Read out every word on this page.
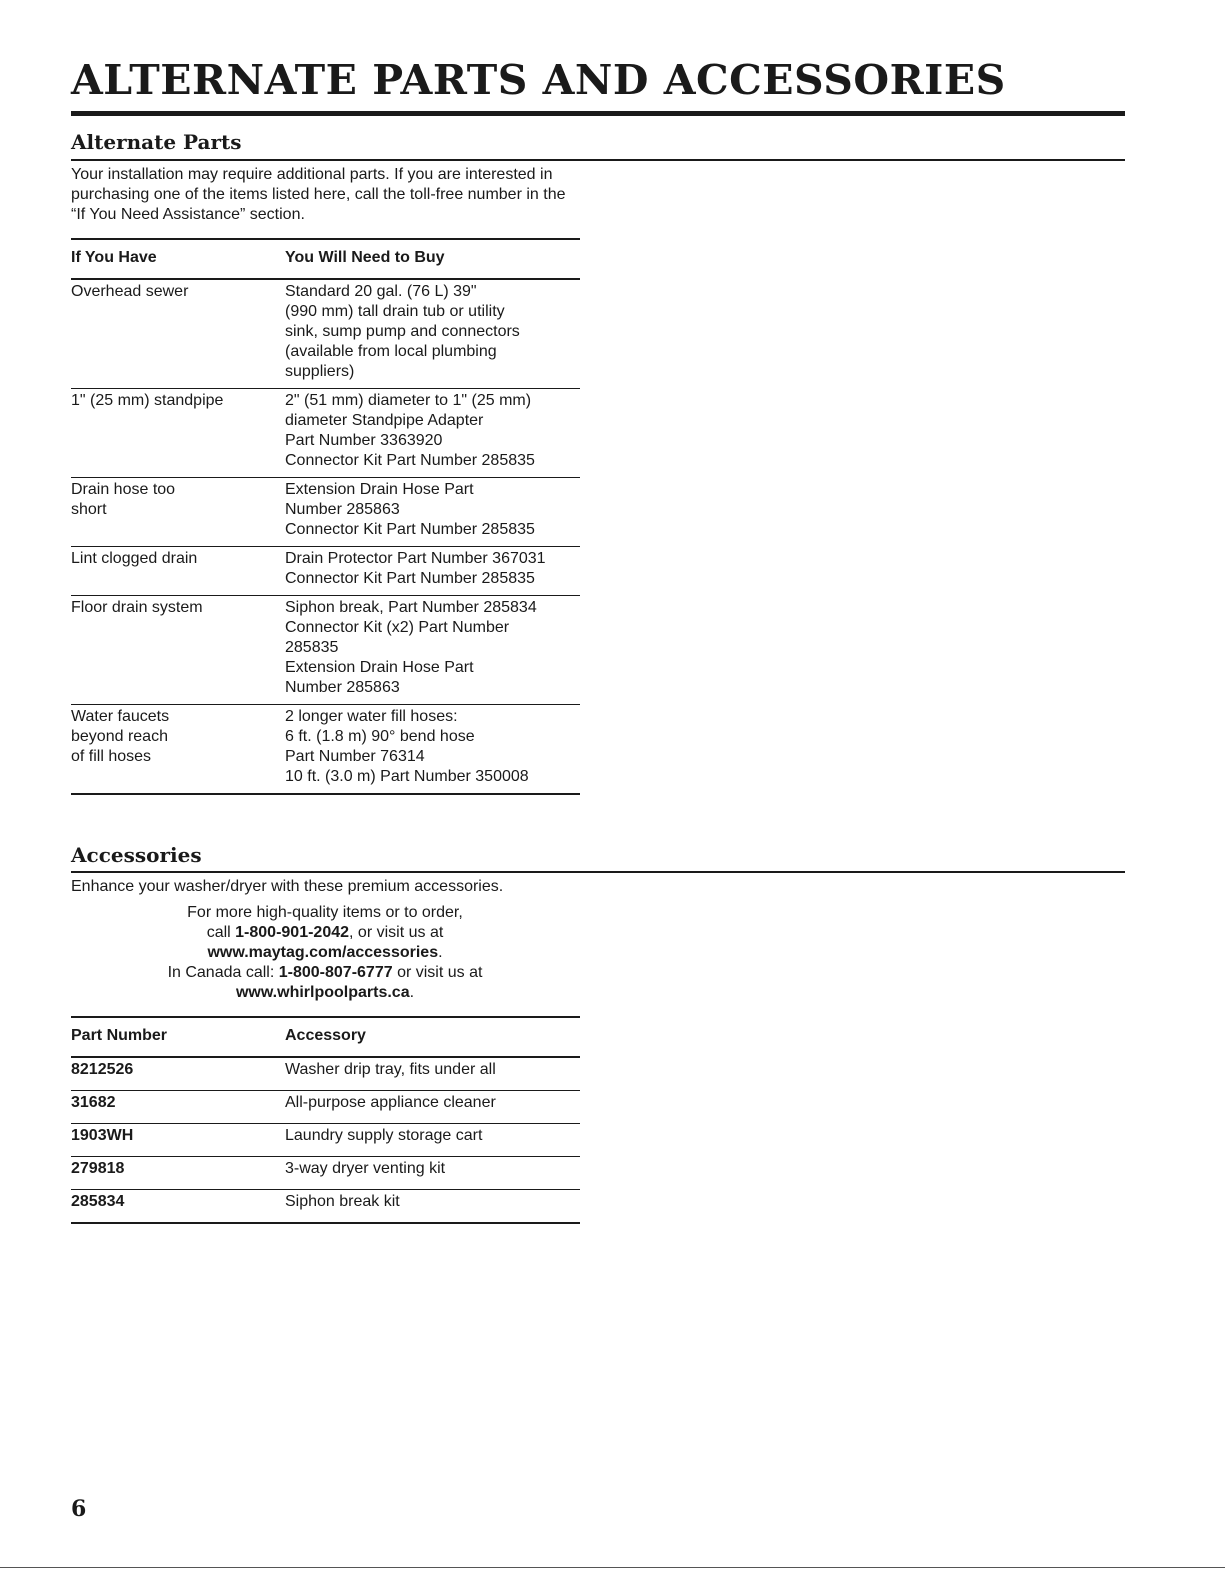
ALTERNATE PARTS AND ACCESSORIES
Alternate Parts

Your installation may require additional parts. If you are interested in purchasing one of the items listed here, call the toll-free number in the “If You Need Assistance” section.

If You Have	You Will Need to Buy
Overhead sewer	Standard 20 gal. (76 L) 39"
(990 mm) tall drain tub or utility
sink, sump pump and connectors
(available from local plumbing
suppliers)
1" (25 mm) standpipe	2" (51 mm) diameter to 1" (25 mm)
diameter Standpipe Adapter
Part Number 3363920
Connector Kit Part Number 285835
Drain hose too
short	Extension Drain Hose Part
Number 285863
Connector Kit Part Number 285835
Lint clogged drain	Drain Protector Part Number 367031
Connector Kit Part Number 285835
Floor drain system	Siphon break, Part Number 285834
Connector Kit (x2) Part Number
285835
Extension Drain Hose Part
Number 285863
Water faucets
beyond reach
of fill hoses	2 longer water fill hoses:
6 ft. (1.8 m) 90° bend hose
Part Number 76314
10 ft. (3.0 m) Part Number 350008
Accessories

Enhance your washer/dryer with these premium accessories.

For more high-quality items or to order,
call 1-800-901-2042, or visit us at
www.maytag.com/accessories.
In Canada call: 1-800-807-6777 or visit us at
www.whirlpoolparts.ca.
Part Number	Accessory
8212526	Washer drip tray, fits under all
31682	All-purpose appliance cleaner
1903WH	Laundry supply storage cart
279818	3-way dryer venting kit
285834	Siphon break kit
6
